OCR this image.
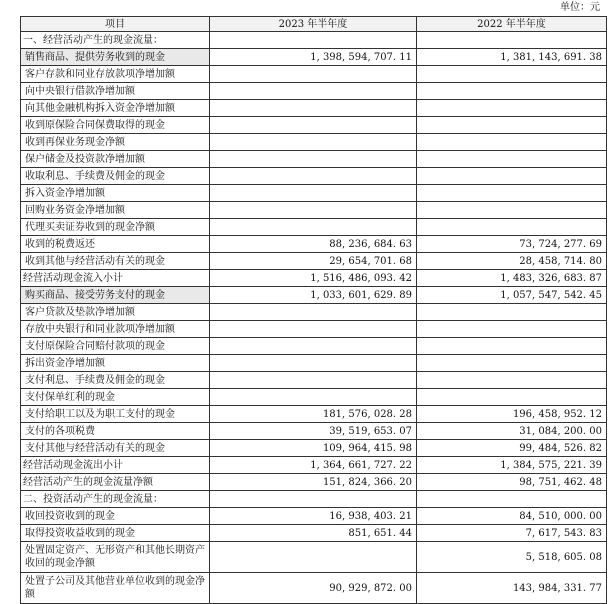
单位：元
项目	2023 年半年度	2022 年半年度
一、经营活动产生的现金流量：		
销售商品、提供劳务收到的现金	1, 398, 594, 707. 11	1, 381, 143, 691. 38
客户存款和同业存放款项净增加额		
向中央银行借款净增加额		
向其他金融机构拆入资金净增加额		
收到原保险合同保费取得的现金		
收到再保业务现金净额		
保户储金及投资款净增加额		
收取利息、手续费及佣金的现金		
拆入资金净增加额		
回购业务资金净增加额		
代理买卖证券收到的现金净额		
收到的税费返还	88, 236, 684. 63	73, 724, 277. 69
收到其他与经营活动有关的现金	29, 654, 701. 68	28, 458, 714. 80
经营活动现金流入小计	1, 516, 486, 093. 42	1, 483, 326, 683. 87
购买商品、接受劳务支付的现金	1, 033, 601, 629. 89	1, 057, 547, 542. 45
客户贷款及垫款净增加额		
存放中央银行和同业款项净增加额		
支付原保险合同赔付款项的现金		
拆出资金净增加额		
支付利息、手续费及佣金的现金		
支付保单红利的现金		
支付给职工以及为职工支付的现金	181, 576, 028. 28	196, 458, 952. 12
支付的各项税费	39, 519, 653. 07	31, 084, 200. 00
支付其他与经营活动有关的现金	109, 964, 415. 98	99, 484, 526. 82
经营活动现金流出小计	1, 364, 661, 727. 22	1, 384, 575, 221. 39
经营活动产生的现金流量净额	151, 824, 366. 20	98, 751, 462. 48
二、投资活动产生的现金流量：		
收回投资收到的现金	16, 938, 403. 21	84, 510, 000. 00
取得投资收益收到的现金	851, 651. 44	7, 617, 543. 83
处置固定资产、无形资产和其他长期资产收回的现金净额		5, 518, 605. 08
处置子公司及其他营业单位收到的现金净额	90, 929, 872. 00	143, 984, 331. 77
